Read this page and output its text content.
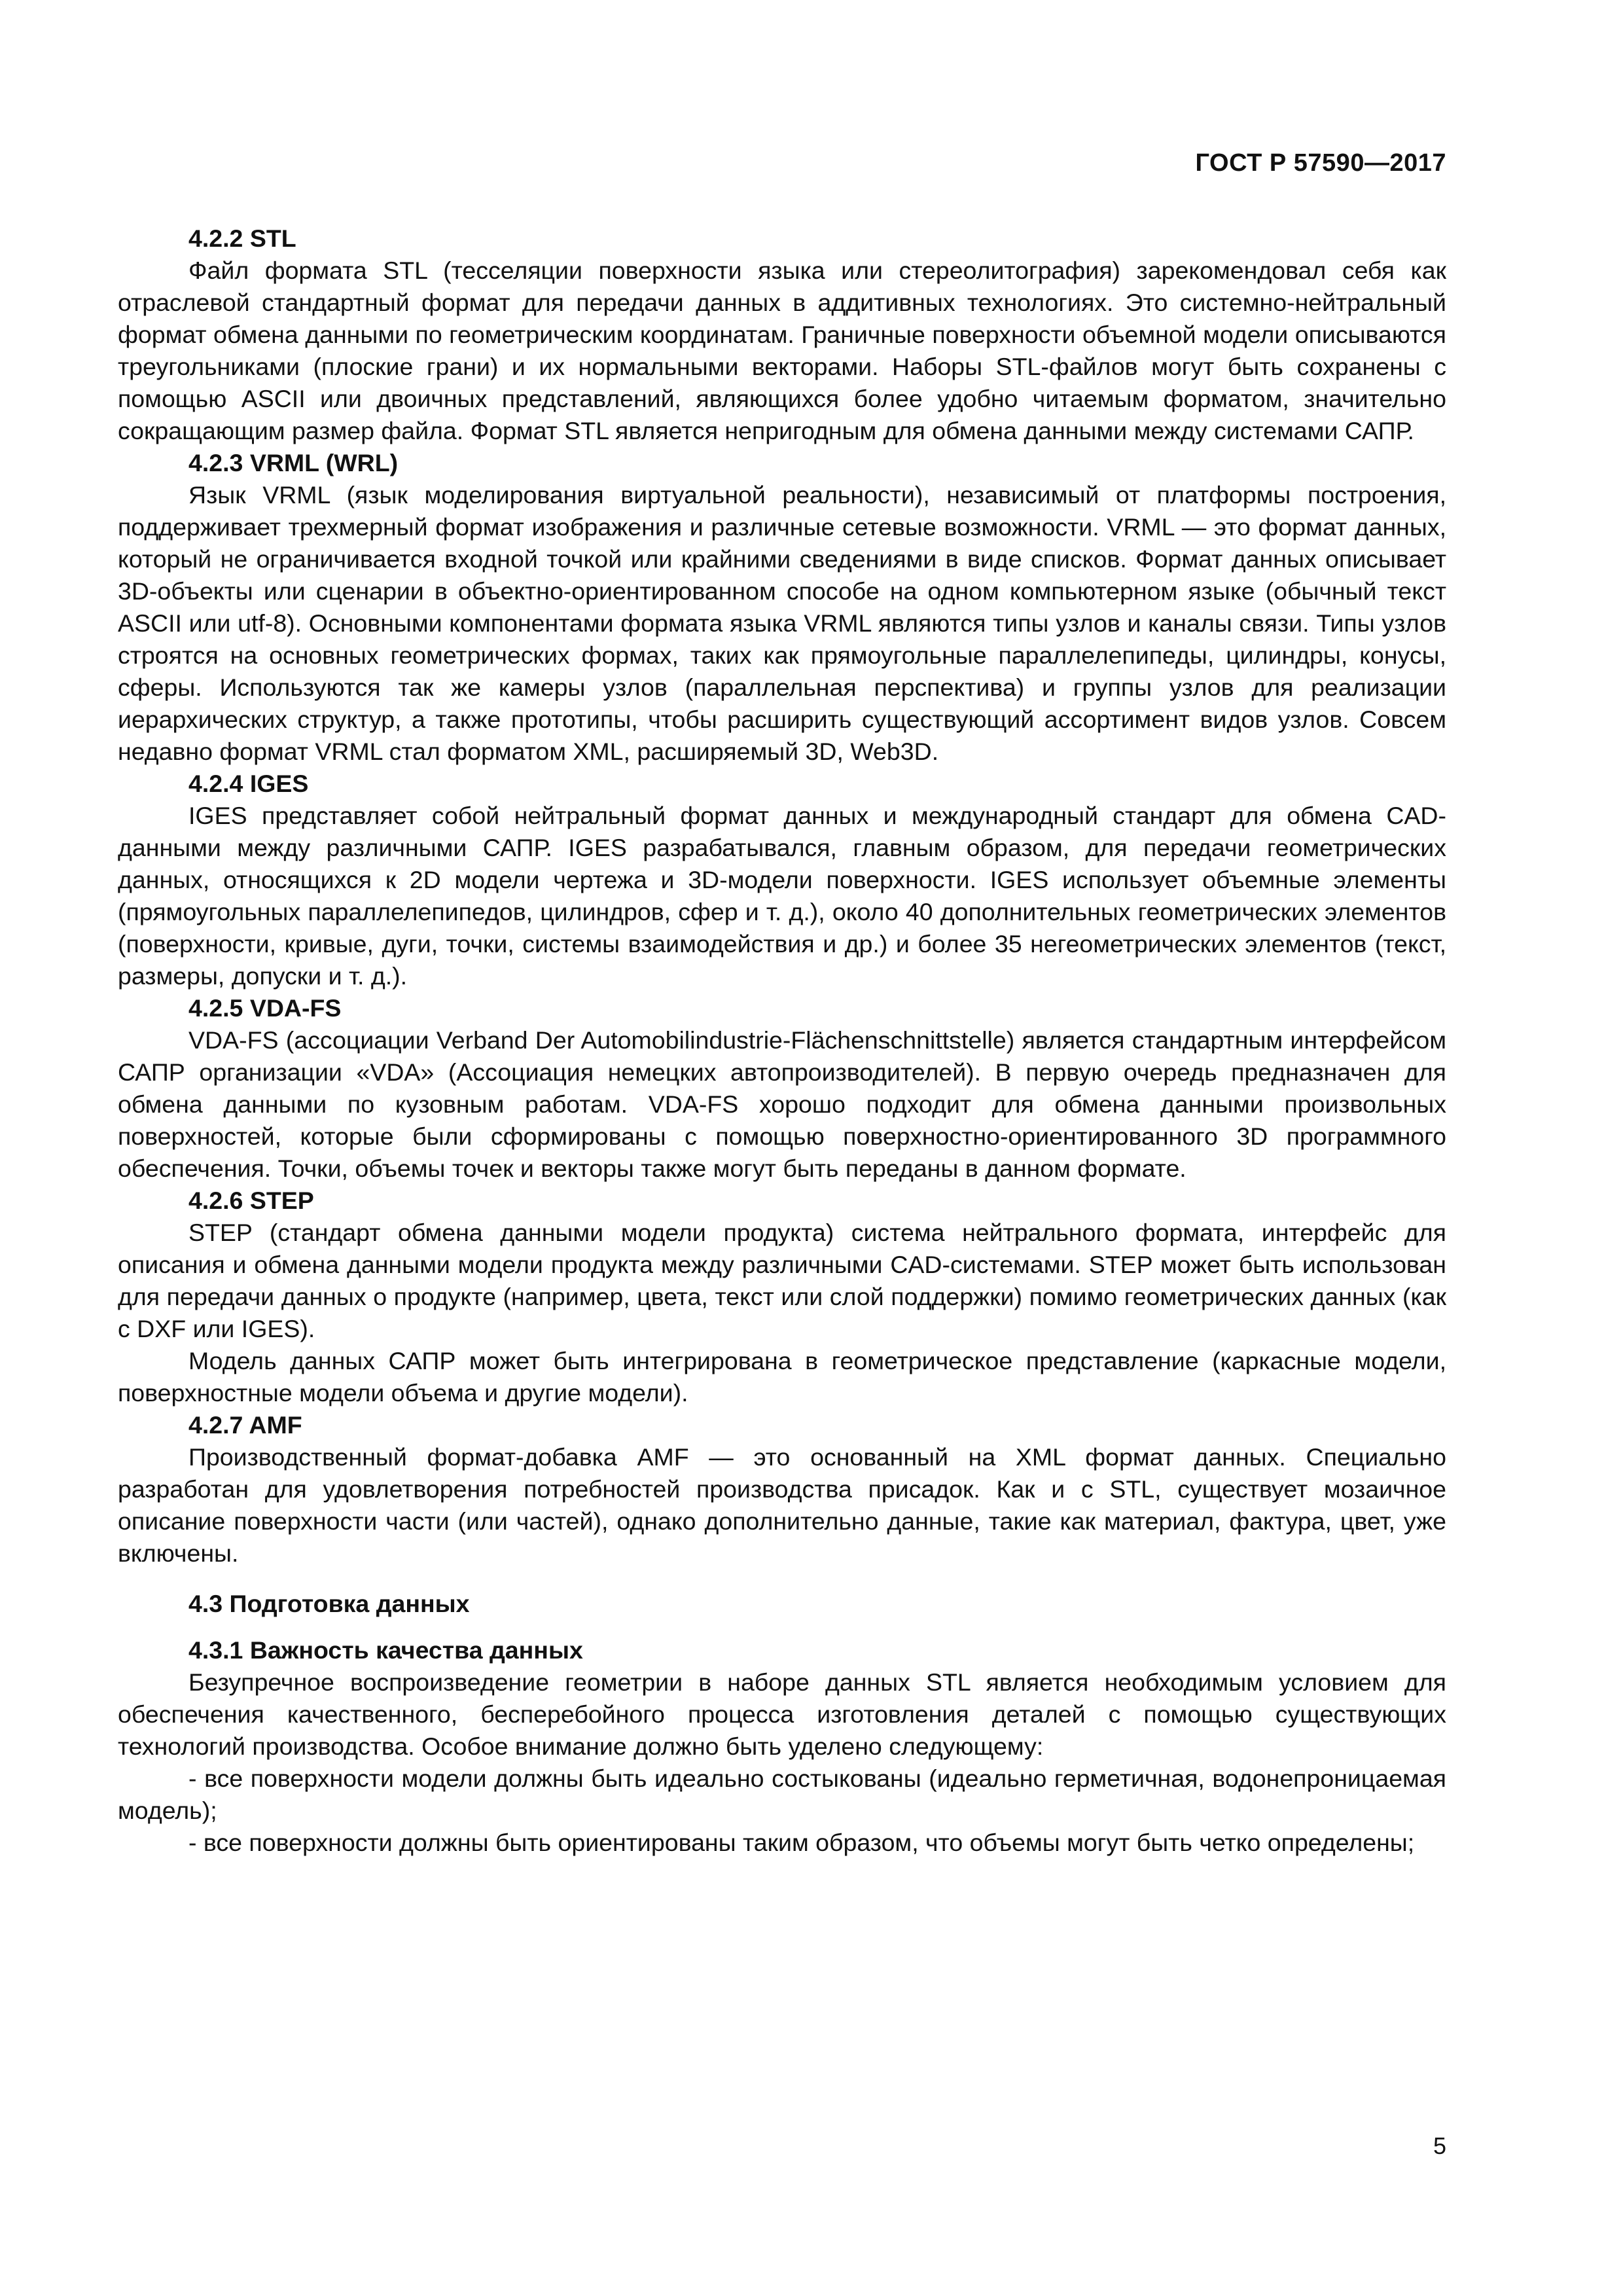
ГОСТ Р 57590—2017
4.2.2 STL

Файл формата STL (тесселяции поверхности языка или стереолитография) зарекомендовал себя как отраслевой стандартный формат для передачи данных в аддитивных технологиях. Это системно-нейтральный формат обмена данными по геометрическим координатам. Граничные поверхности объемной модели описываются треугольниками (плоские грани) и их нормальными векторами. Наборы STL-файлов могут быть сохранены с помощью ASCII или двоичных представлений, являющихся более удобно читаемым форматом, значительно сокращающим размер файла. Формат STL является непригодным для обмена данными между системами САПР.

4.2.3 VRML (WRL)

Язык VRML (язык моделирования виртуальной реальности), независимый от платформы построения, поддерживает трехмерный формат изображения и различные сетевые возможности. VRML — это формат данных, который не ограничивается входной точкой или крайними сведениями в виде списков. Формат данных описывает 3D-объекты или сценарии в объектно-ориентированном способе на одном компьютерном языке (обычный текст ASCII или utf-8). Основными компонентами формата языка VRML являются типы узлов и каналы связи. Типы узлов строятся на основных геометрических формах, таких как прямоугольные параллелепипеды, цилиндры, конусы, сферы. Используются так же камеры узлов (параллельная перспектива) и группы узлов для реализации иерархических структур, а также прототипы, чтобы расширить существующий ассортимент видов узлов. Совсем недавно формат VRML стал форматом XML, расширяемый 3D, Web3D.

4.2.4 IGES

IGES представляет собой нейтральный формат данных и международный стандарт для обмена CAD-данными между различными САПР. IGES разрабатывался, главным образом, для передачи геометрических данных, относящихся к 2D модели чертежа и 3D-модели поверхности. IGES использует объемные элементы (прямоугольных параллелепипедов, цилиндров, сфер и т. д.), около 40 дополнительных геометрических элементов (поверхности, кривые, дуги, точки, системы взаимодействия и др.) и более 35 негеометрических элементов (текст, размеры, допуски и т. д.).

4.2.5 VDA-FS

VDA-FS (ассоциации Verband Der Automobilindustrie-Flächenschnittstelle) является стандартным интерфейсом САПР организации «VDA» (Ассоциация немецких автопроизводителей). В первую очередь предназначен для обмена данными по кузовным работам. VDA-FS хорошо подходит для обмена данными произвольных поверхностей, которые были сформированы с помощью поверхностно-ориентированного 3D программного обеспечения. Точки, объемы точек и векторы также могут быть переданы в данном формате.

4.2.6 STEP

STEP (стандарт обмена данными модели продукта) система нейтрального формата, интерфейс для описания и обмена данными модели продукта между различными CAD-системами. STEP может быть использован для передачи данных о продукте (например, цвета, текст или слой поддержки) помимо геометрических данных (как с DXF или IGES).

Модель данных САПР может быть интегрирована в геометрическое представление (каркасные модели, поверхностные модели объема и другие модели).

4.2.7 AMF

Производственный формат-добавка AMF — это основанный на XML формат данных. Специально разработан для удовлетворения потребностей производства присадок. Как и с STL, существует мозаичное описание поверхности части (или частей), однако дополнительно данные, такие как материал, фактура, цвет, уже включены.

4.3 Подготовка данных
4.3.1 Важность качества данных

Безупречное воспроизведение геометрии в наборе данных STL является необходимым условием для обеспечения качественного, бесперебойного процесса изготовления деталей с помощью существующих технологий производства. Особое внимание должно быть уделено следующему:

- все поверхности модели должны быть идеально состыкованы (идеально герметичная, водонепроницаемая модель);

- все поверхности должны быть ориентированы таким образом, что объемы могут быть четко определены;

5
